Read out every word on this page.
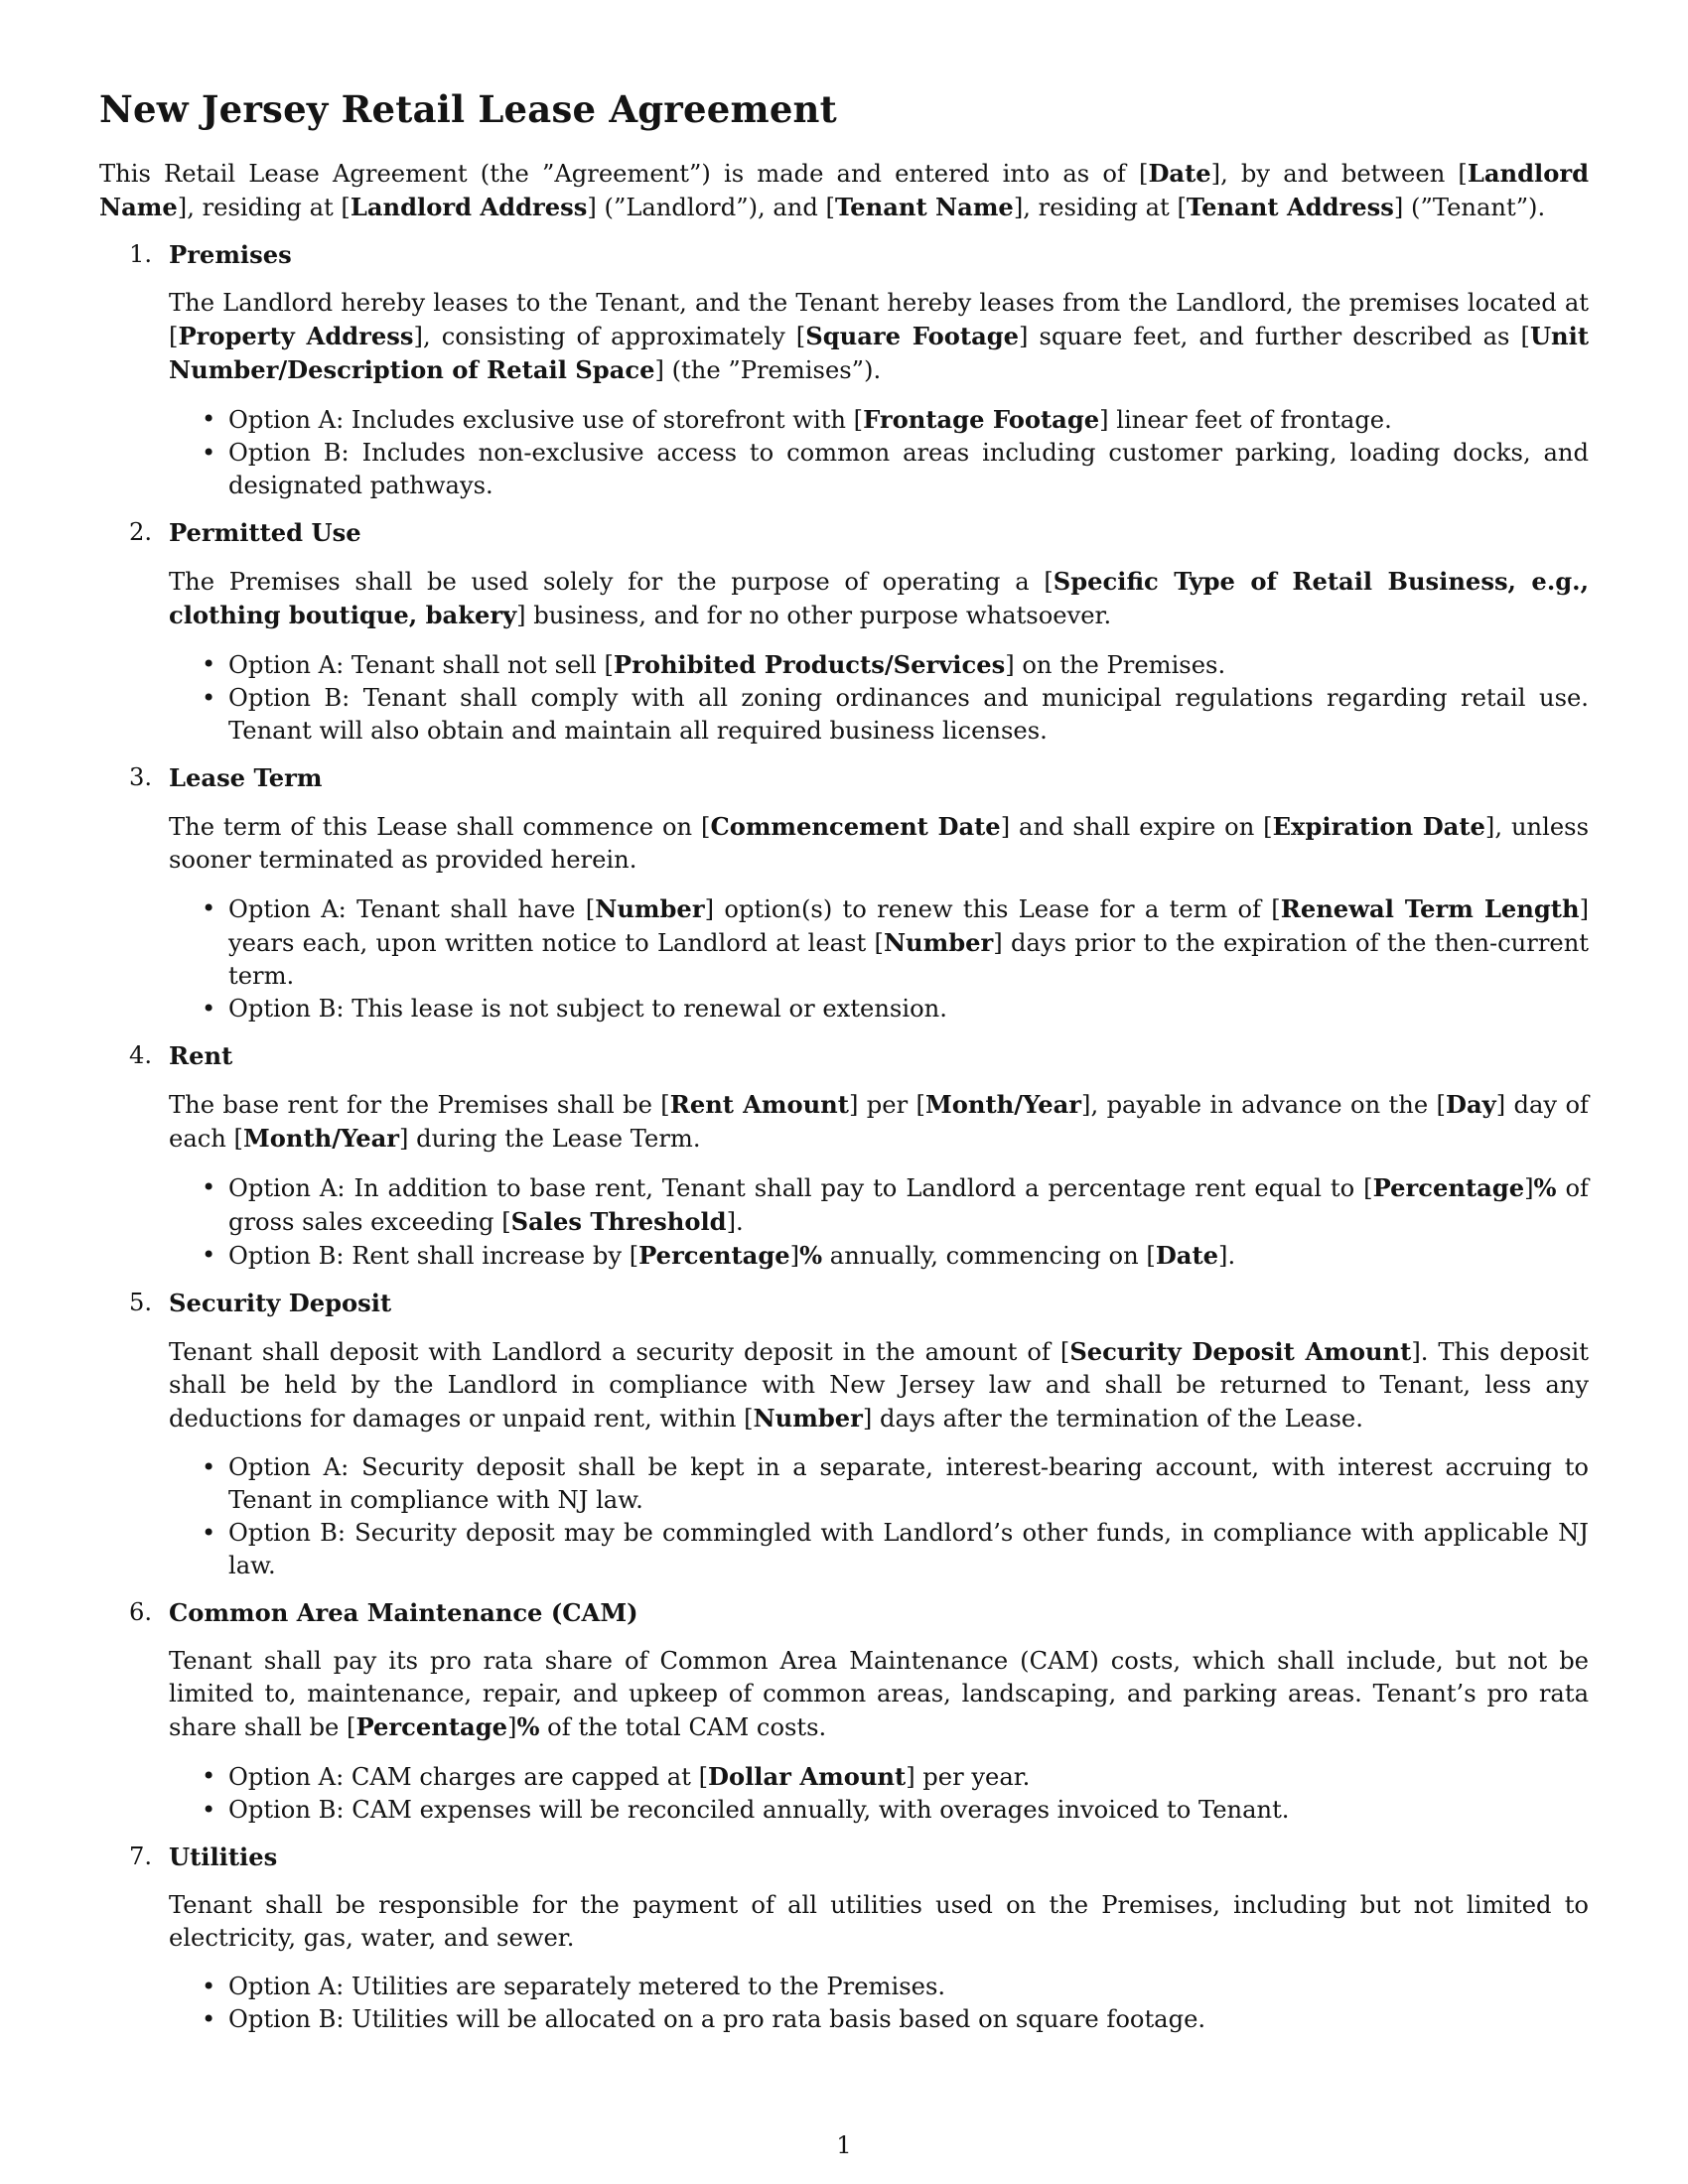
New Jersey Retail Lease Agreement

This Retail Lease Agreement (the ”Agreement”) is made and entered into as of [Date], by and between [Landlord Name], residing at [Landlord Address] (”Landlord”), and [Tenant Name], residing at [Tenant Address] (”Tenant”).

1. Premises

The Landlord hereby leases to the Tenant, and the Tenant hereby leases from the Landlord, the premises located at [Property Address], consisting of approximately [Square Footage] square feet, and further described as [Unit Number/Description of Retail Space] (the ”Premises”).

• Option A: Includes exclusive use of storefront with [Frontage Footage] linear feet of frontage.
• Option B: Includes non-exclusive access to common areas including customer parking, loading docks, and designated pathways.
2. Permitted Use

The Premises shall be used solely for the purpose of operating a [Specific Type of Retail Business, e.g., clothing boutique, bakery] business, and for no other purpose whatsoever.

• Option A: Tenant shall not sell [Prohibited Products/Services] on the Premises.
• Option B: Tenant shall comply with all zoning ordinances and municipal regulations regarding retail use. Tenant will also obtain and maintain all required business licenses.
3. Lease Term

The term of this Lease shall commence on [Commencement Date] and shall expire on [Expiration Date], unless sooner terminated as provided herein.

• Option A: Tenant shall have [Number] option(s) to renew this Lease for a term of [Renewal Term Length] years each, upon written notice to Landlord at least [Number] days prior to the expiration of the then-current term.
• Option B: This lease is not subject to renewal or extension.
4. Rent

The base rent for the Premises shall be [Rent Amount] per [Month/Year], payable in advance on the [Day] day of each [Month/Year] during the Lease Term.

• Option A: In addition to base rent, Tenant shall pay to Landlord a percentage rent equal to [Percentage]% of gross sales exceeding [Sales Threshold].
• Option B: Rent shall increase by [Percentage]% annually, commencing on [Date].
5. Security Deposit

Tenant shall deposit with Landlord a security deposit in the amount of [Security Deposit Amount]. This deposit shall be held by the Landlord in compliance with New Jersey law and shall be returned to Tenant, less any deductions for damages or unpaid rent, within [Number] days after the termination of the Lease.

• Option A: Security deposit shall be kept in a separate, interest-bearing account, with interest accruing to Tenant in compliance with NJ law.
• Option B: Security deposit may be commingled with Landlord’s other funds, in compliance with applicable NJ law.
6. Common Area Maintenance (CAM)

Tenant shall pay its pro rata share of Common Area Maintenance (CAM) costs, which shall include, but not be limited to, maintenance, repair, and upkeep of common areas, landscaping, and parking areas. Tenant’s pro rata share shall be [Percentage]% of the total CAM costs.

• Option A: CAM charges are capped at [Dollar Amount] per year.
• Option B: CAM expenses will be reconciled annually, with overages invoiced to Tenant.
7. Utilities

Tenant shall be responsible for the payment of all utilities used on the Premises, including but not limited to electricity, gas, water, and sewer.

• Option A: Utilities are separately metered to the Premises.
• Option B: Utilities will be allocated on a pro rata basis based on square footage.
1
